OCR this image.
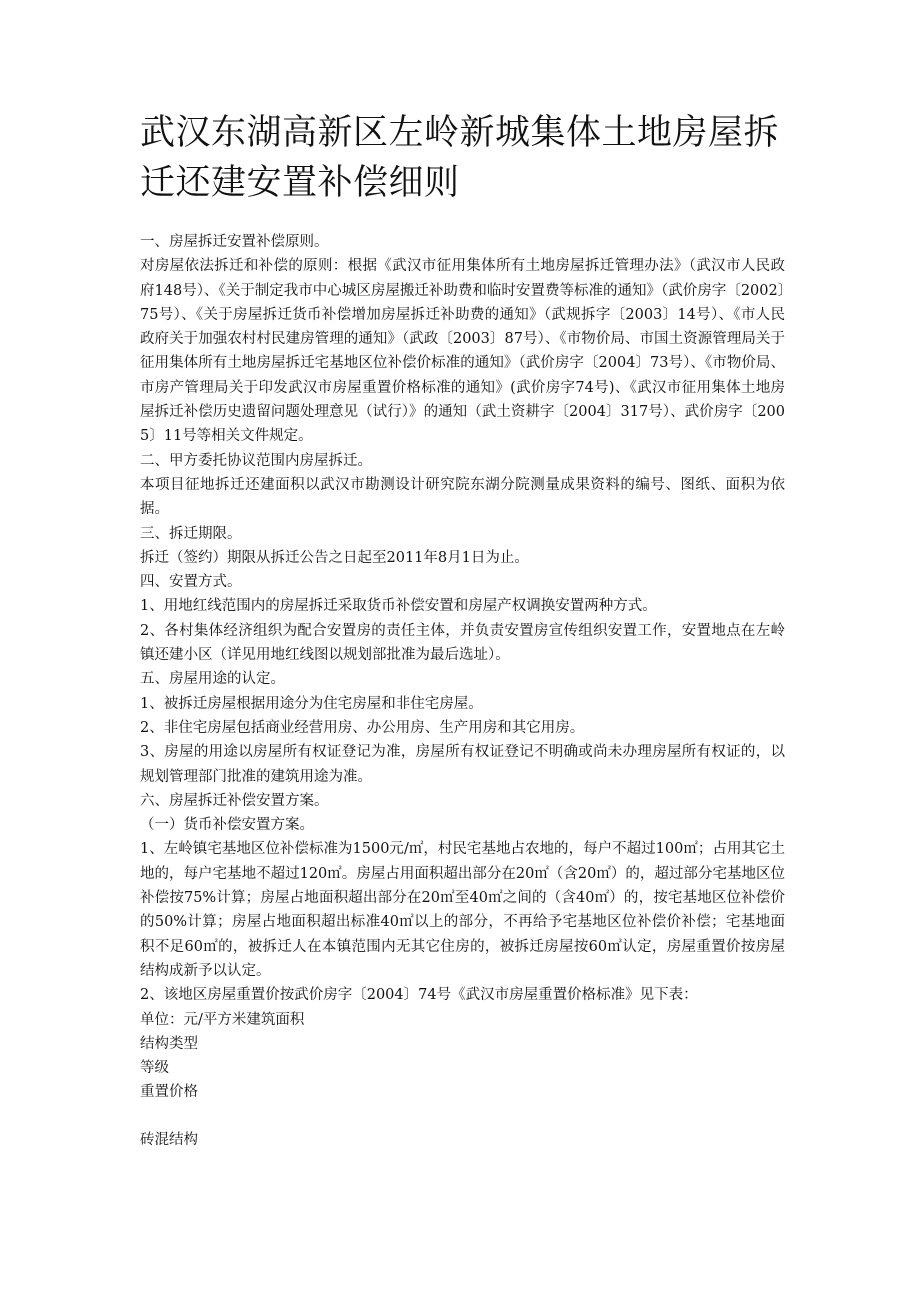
武汉东湖高新区左岭新城集体土地房屋拆迁还建安置补偿细则

一、房屋拆迁安置补偿原则。

对房屋依法拆迁和补偿的原则：根据《武汉市征用集体所有土地房屋拆迁管理办法》（武汉市人民政府148号）、《关于制定我市中心城区房屋搬迁补助费和临时安置费等标准的通知》（武价房字〔2002〕75号）、《关于房屋拆迁货币补偿增加房屋拆迁补助费的通知》（武规拆字〔2003〕14号）、《市人民政府关于加强农村村民建房管理的通知》（武政〔2003〕87号）、《市物价局、市国土资源管理局关于征用集体所有土地房屋拆迁宅基地区位补偿价标准的通知》（武价房字〔2004〕73号）、《市物价局、市房产管理局关于印发武汉市房屋重置价格标准的通知》(武价房字74号)、《武汉市征用集体土地房屋拆迁补偿历史遗留问题处理意见（试行）》的通知（武土资耕字〔2004〕317号）、武价房字〔2005〕11号等相关文件规定。

二、甲方委托协议范围内房屋拆迁。

本项目征地拆迁还建面积以武汉市勘测设计研究院东湖分院测量成果资料的编号、图纸、面积为依据。

三、拆迁期限。

拆迁（签约）期限从拆迁公告之日起至2011年8月1日为止。

四、安置方式。

1、用地红线范围内的房屋拆迁采取货币补偿安置和房屋产权调换安置两种方式。

2、各村集体经济组织为配合安置房的责任主体，并负责安置房宣传组织安置工作，安置地点在左岭镇还建小区（详见用地红线图以规划部批准为最后选址）。

五、房屋用途的认定。

1、被拆迁房屋根据用途分为住宅房屋和非住宅房屋。

2、非住宅房屋包括商业经营用房、办公用房、生产用房和其它用房。

3、房屋的用途以房屋所有权证登记为准，房屋所有权证登记不明确或尚未办理房屋所有权证的，以规划管理部门批准的建筑用途为准。

六、房屋拆迁补偿安置方案。

（一）货币补偿安置方案。

1、左岭镇宅基地区位补偿标准为1500元/㎡，村民宅基地占农地的，每户不超过100㎡；占用其它土地的，每户宅基地不超过120㎡。房屋占用面积超出部分在20㎡（含20㎡）的，超过部分宅基地区位补偿按75%计算；房屋占地面积超出部分在20㎡至40㎡之间的（含40㎡）的，按宅基地区位补偿价的50%计算；房屋占地面积超出标准40㎡以上的部分，不再给予宅基地区位补偿价补偿；宅基地面积不足60㎡的，被拆迁人在本镇范围内无其它住房的，被拆迁房屋按60㎡认定，房屋重置价按房屋结构成新予以认定。

2、该地区房屋重置价按武价房字〔2004〕74号《武汉市房屋重置价格标准》见下表：

单位：元/平方米建筑面积

结构类型

等级

重置价格

砖混结构
